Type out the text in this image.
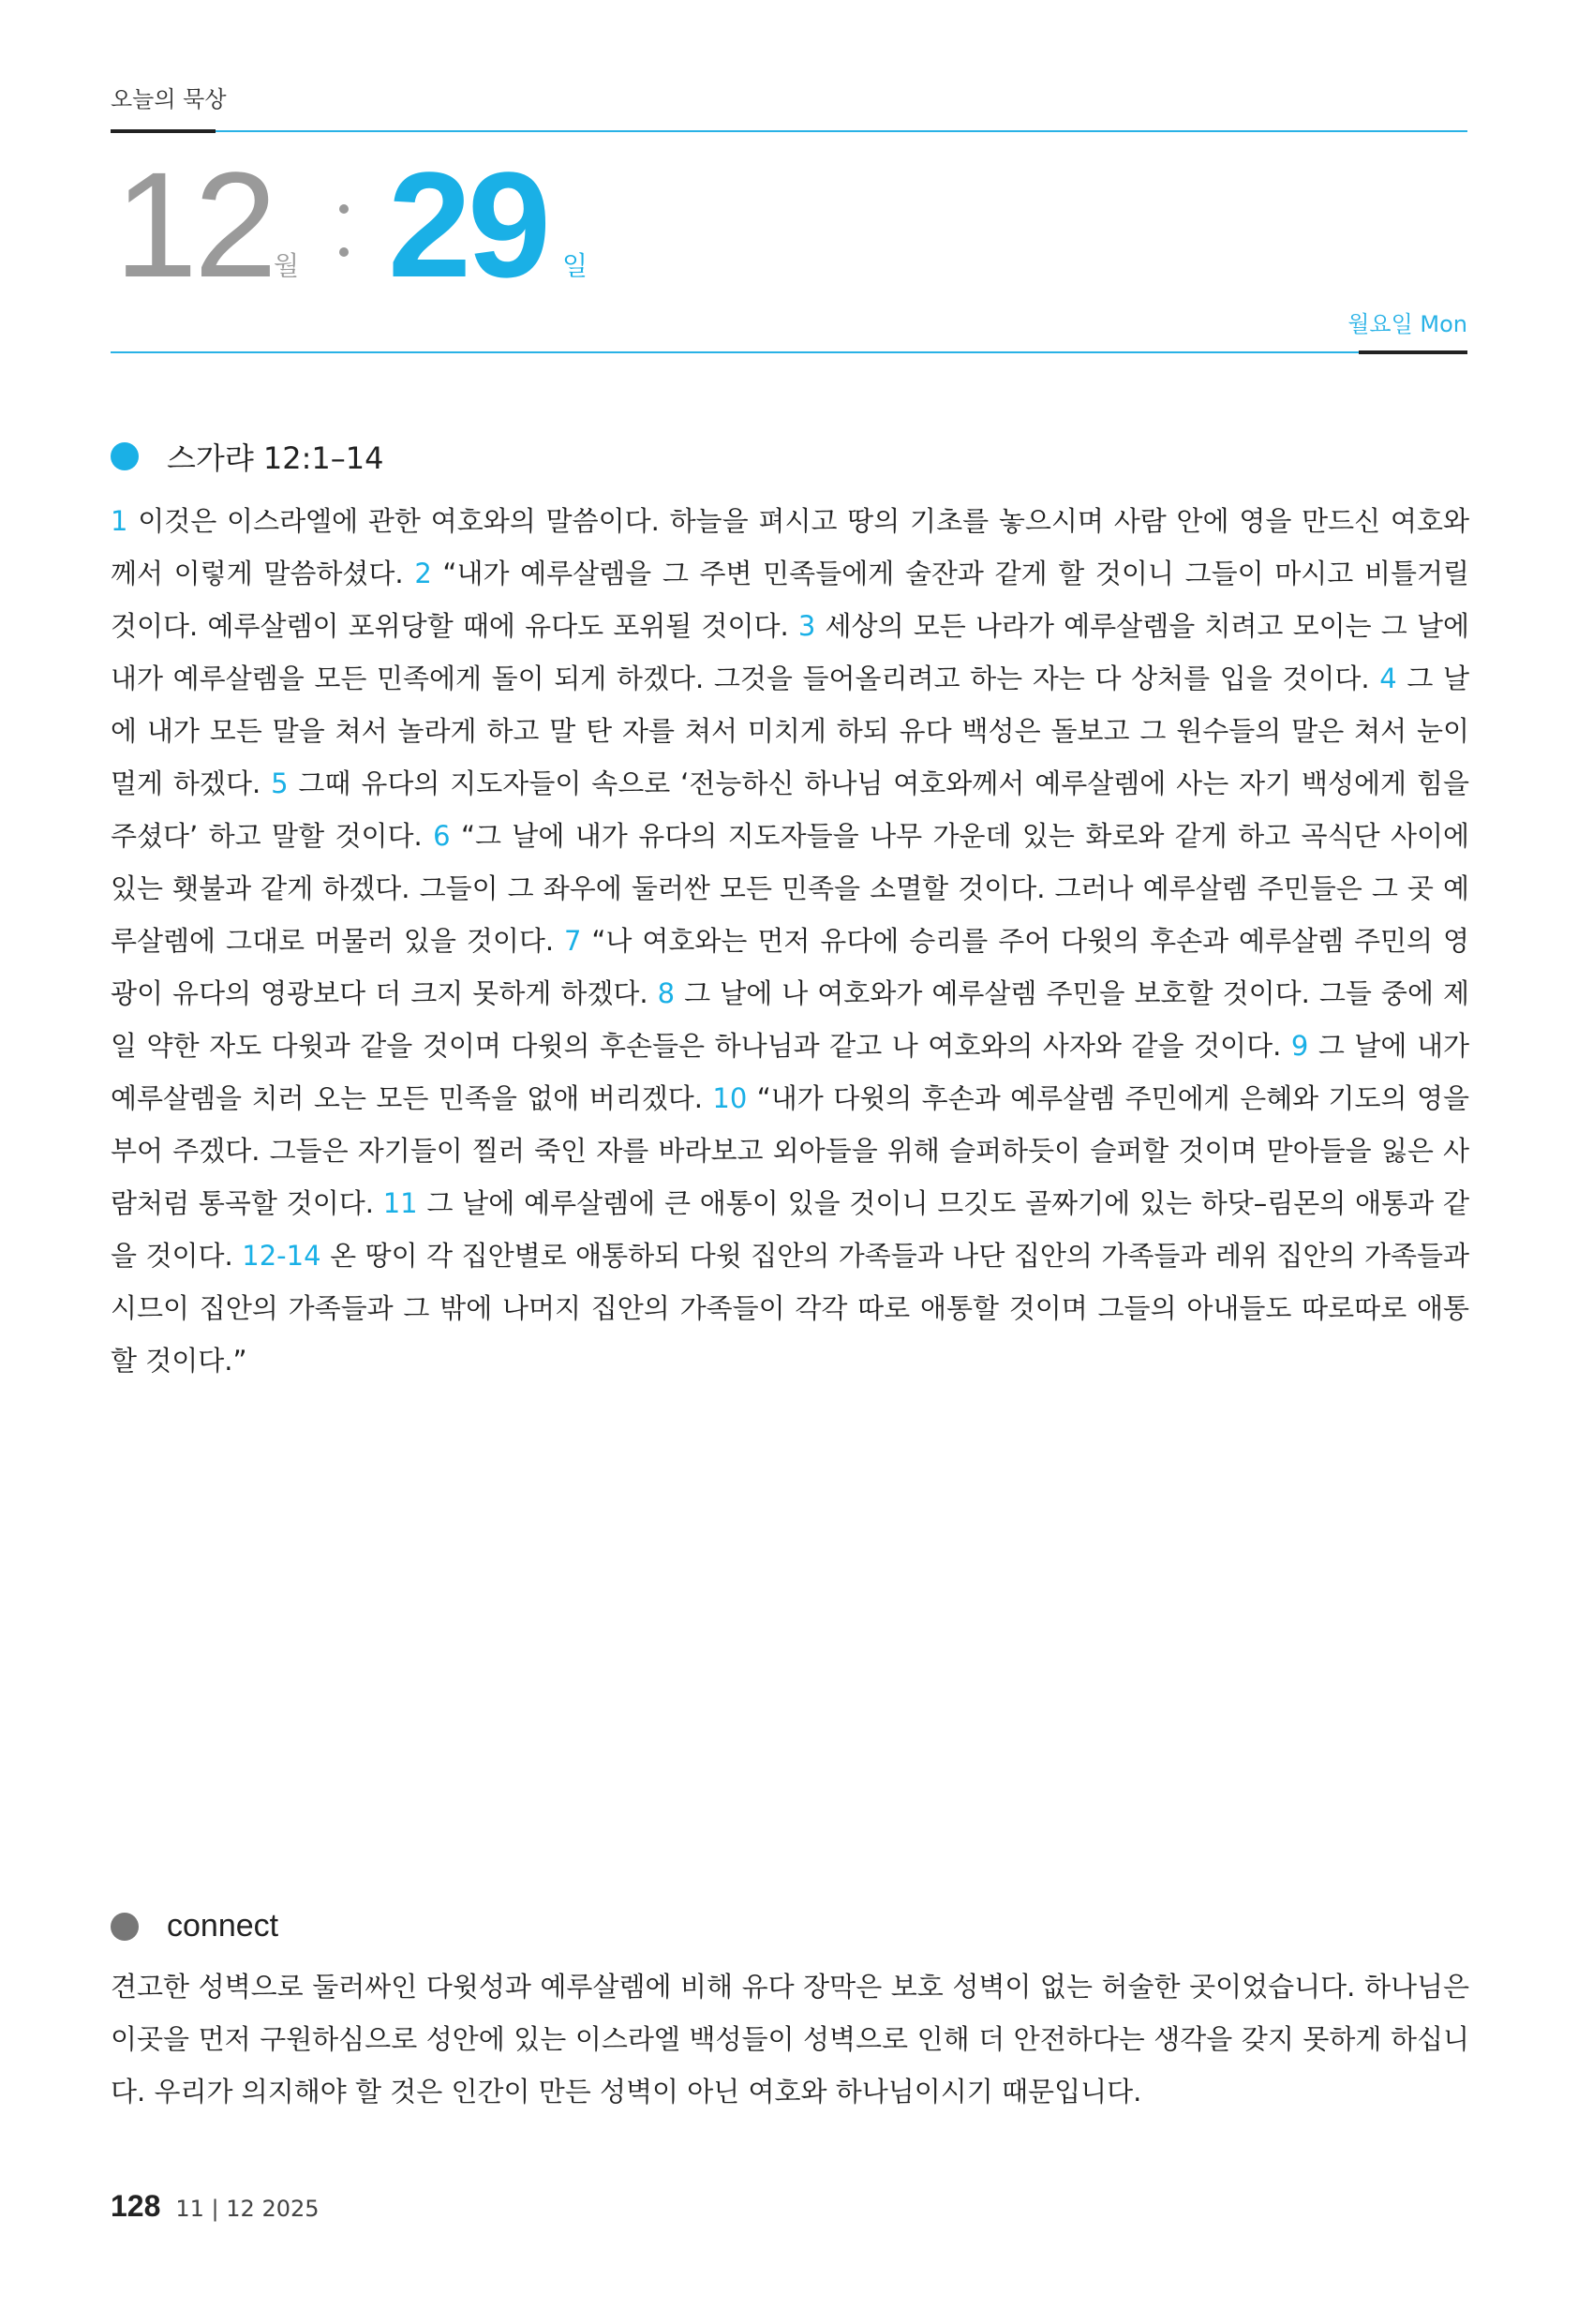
오늘의 묵상
12 월 29 일
월요일 Mon
스가랴 12:1–14
1 이것은 이스라엘에 관한 여호와의 말씀이다. 하늘을 펴시고 땅의 기초를 놓으시며 사람 안에 영을 만드신 여호와께서 이렇게 말씀하셨다. 2 “내가 예루살렘을 그 주변 민족들에게 술잔과 같게 할 것이니 그들이 마시고 비틀거릴 것이다. 예루살렘이 포위당할 때에 유다도 포위될 것이다. 3 세상의 모든 나라가 예루살렘을 치려고 모이는 그 날에 내가 예루살렘을 모든 민족에게 돌이 되게 하겠다. 그것을 들어올리려고 하는 자는 다 상처를 입을 것이다. 4 그 날에 내가 모든 말을 쳐서 놀라게 하고 말 탄 자를 쳐서 미치게 하되 유다 백성은 돌보고 그 원수들의 말은 쳐서 눈이 멀게 하겠다. 5 그때 유다의 지도자들이 속으로 ‘전능하신 하나님 여호와께서 예루살렘에 사는 자기 백성에게 힘을 주셨다’ 하고 말할 것이다. 6 “그 날에 내가 유다의 지도자들을 나무 가운데 있는 화로와 같게 하고 곡식단 사이에 있는 횃불과 같게 하겠다. 그들이 그 좌우에 둘러싼 모든 민족을 소멸할 것이다. 그러나 예루살렘 주민들은 그 곳 예루살렘에 그대로 머물러 있을 것이다. 7 “나 여호와는 먼저 유다에 승리를 주어 다윗의 후손과 예루살렘 주민의 영광이 유다의 영광보다 더 크지 못하게 하겠다. 8 그 날에 나 여호와가 예루살렘 주민을 보호할 것이다. 그들 중에 제일 약한 자도 다윗과 같을 것이며 다윗의 후손들은 하나님과 같고 나 여호와의 사자와 같을 것이다. 9 그 날에 내가 예루살렘을 치러 오는 모든 민족을 없애 버리겠다. 10 “내가 다윗의 후손과 예루살렘 주민에게 은혜와 기도의 영을 부어 주겠다. 그들은 자기들이 찔러 죽인 자를 바라보고 외아들을 위해 슬퍼하듯이 슬퍼할 것이며 맏아들을 잃은 사람처럼 통곡할 것이다. 11 그 날에 예루살렘에 큰 애통이 있을 것이니 므깃도 골짜기에 있는 하닷–림몬의 애통과 같을 것이다. 12-14 온 땅이 각 집안별로 애통하되 다윗 집안의 가족들과 나단 집안의 가족들과 레위 집안의 가족들과 시므이 집안의 가족들과 그 밖에 나머지 집안의 가족들이 각각 따로 애통할 것이며 그들의 아내들도 따로따로 애통할 것이다.”
connect
견고한 성벽으로 둘러싸인 다윗성과 예루살렘에 비해 유다 장막은 보호 성벽이 없는 허술한 곳이었습니다. 하나님은 이곳을 먼저 구원하심으로 성안에 있는 이스라엘 백성들이 성벽으로 인해 더 안전하다는 생각을 갖지 못하게 하십니다. 우리가 의지해야 할 것은 인간이 만든 성벽이 아닌 여호와 하나님이시기 때문입니다.
128 11 | 12 2025
